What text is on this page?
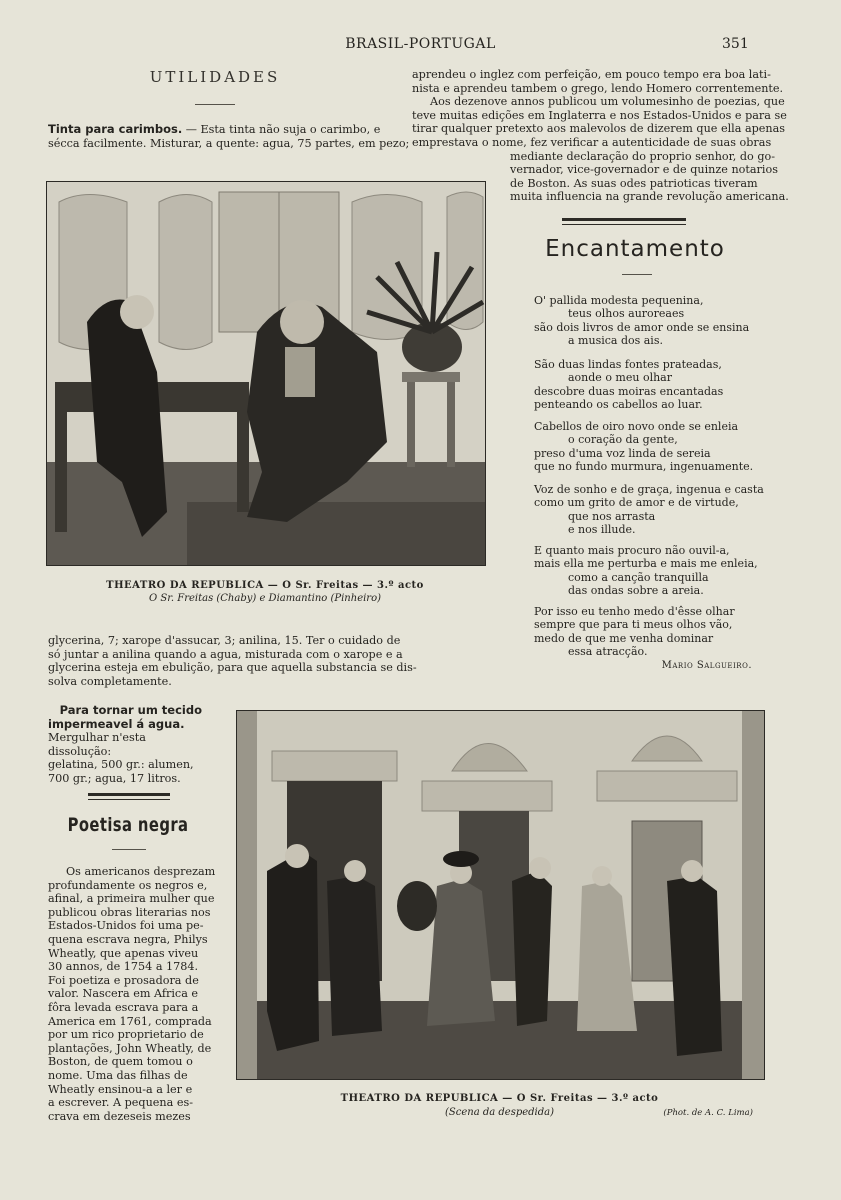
BRASIL-PORTUGAL	351
UTILIDADES
Tinta para carimbos. — Esta tinta não suja o carimbo, e
sécca facilmente. Misturar, a quente: agua, 75 partes, em pezo;
THEATRO DA REPUBLICA — O Sr. Freitas — 3.º acto
O Sr. Freitas (Chaby) e Diamantino (Pinheiro)
glycerina, 7; xarope d'assucar, 3; anilina, 15. Ter o cuidado de
só juntar a anilina quando a agua, misturada com o xarope e a
glycerina esteja em ebulição, para que aquella substancia se dis-
solva completamente.
Para tornar um tecido
impermeavel á agua.
Mergulhar n'esta dissolução:
gelatina, 500 gr.: alumen,
700 gr.; agua, 17 litros.
Poetisa negra
Os americanos desprezam
profundamente os negros e,
afinal, a primeira mulher que
publicou obras literarias nos
Estados-Unidos foi uma pe-
quena escrava negra, Philys
Wheatly, que apenas viveu
30 annos, de 1754 a 1784.
Foi poetiza e prosadora de
valor. Nascera em Africa e
fôra levada escrava para a
America em 1761, comprada
por um rico proprietario de
plantações, John Wheatly, de
Boston, de quem tomou o
nome. Uma das filhas de
Wheatly ensinou-a a ler e
a escrever. A pequena es-
crava em dezeseis mezes
aprendeu o inglez com perfeição, em pouco tempo era boa lati-
nista e aprendeu tambem o grego, lendo Homero correntemente.
Aos dezenove annos publicou um volumesinho de poezias, que
teve muitas edições em Inglaterra e nos Estados-Unidos e para se
tirar qualquer pretexto aos malevolos de dizerem que ella apenas
emprestava o nome, fez verificar a autenticidade de suas obras
mediante declaração do proprio senhor, do go-
vernador, vice-governador e de quinze notarios
de Boston. As suas odes patrioticas tiveram
muita influencia na grande revolução americana.
Encantamento
O' pallida modesta pequenina,
teus olhos auroreaes
são dois livros de amor onde se ensina
a musica dos ais.
São duas lindas fontes prateadas,
aonde o meu olhar
descobre duas moiras encantadas
penteando os cabellos ao luar.
Cabellos de oiro novo onde se enleia
o coração da gente,
preso d'uma voz linda de sereia
que no fundo murmura, ingenuamente.
Voz de sonho e de graça, ingenua e casta
como um grito de amor e de virtude,
que nos arrasta
e nos illude.
E quanto mais procuro não ouvil-a,
mais ella me perturba e mais me enleia,
como a canção tranquilla
das ondas sobre a areia.
Por isso eu tenho medo d'êsse olhar
sempre que para ti meus olhos vão,
medo de que me venha dominar
essa atracção.
Mario Salgueiro.
THEATRO DA REPUBLICA — O Sr. Freitas — 3.º acto
(Scena da despedida)	(Phot. de A. C. Lima)
